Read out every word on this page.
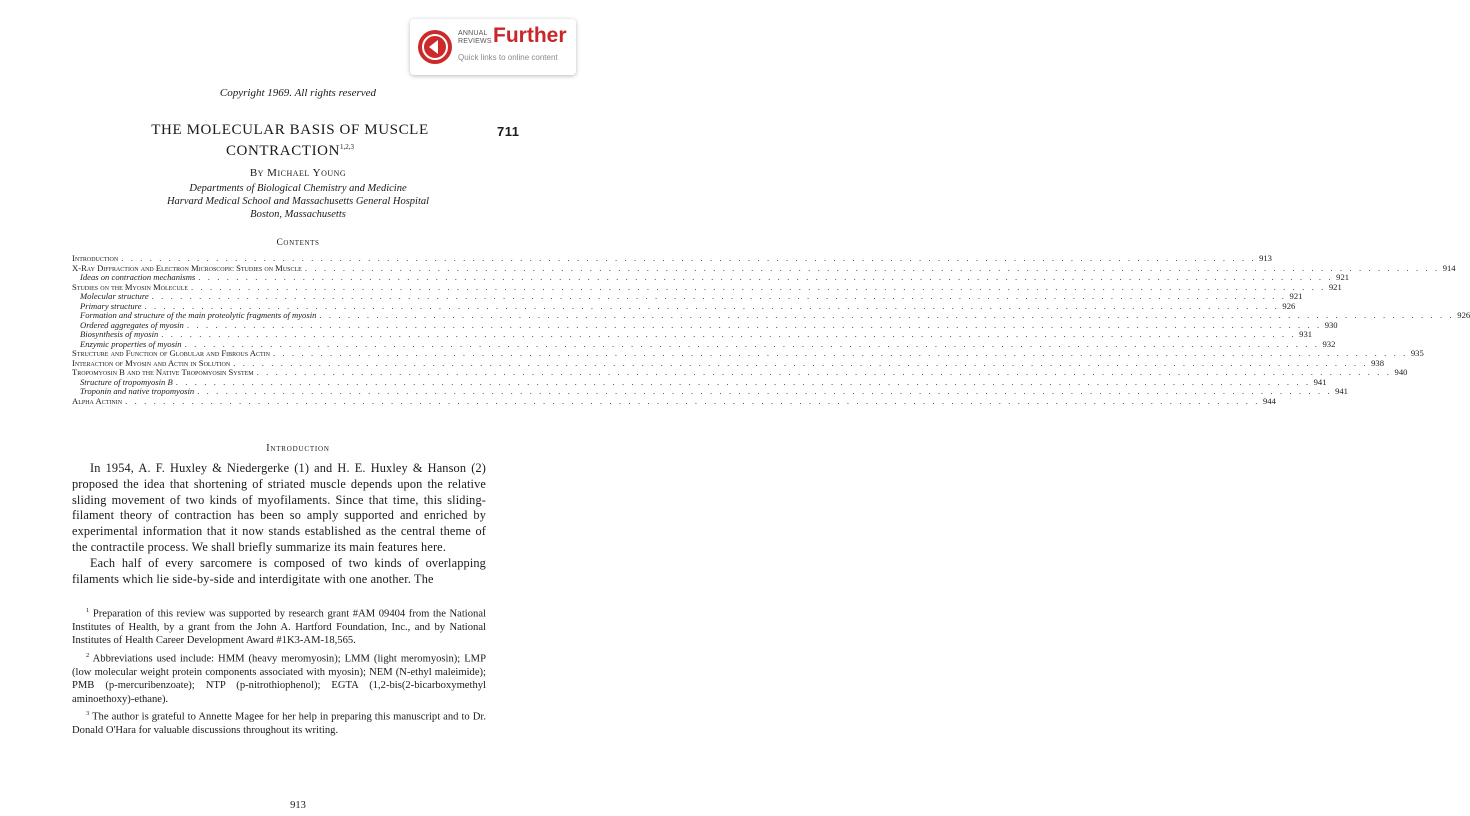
ANNUAL REVIEWS Further
Quick links to online content
Copyright 1969. All rights reserved
THE MOLECULAR BASIS OF MUSCLE
CONTRACTION$^{1,2,3}$
711
By Michael Young
Departments of Biological Chemistry and Medicine
Harvard Medical School and Massachusetts General Hospital
Boston, Massachusetts
Contents
Introduction . . . . . . . . . . . . . . . . . . . . . . . . . . . . . . . . . . . . . . . . . . . . . . . . . . . . . . . . . . . . . . . . . . . . . . . . . . . . . . . . . . . . . . . . . . . . . . . . . . . . . . . . . . . . . . . . . . . . . . . . 913
X-Ray Diffraction and Electron Microscopic Studies on Muscle . . . . . . . . . . . . . . . . . . . . . . . . . . . . . . . . . . . . . . . . . . . . . . . . . . . . . . . . . . . . . . . . . . . . . . . . . . . . . . . . . . . . . . . . . . . . . . . . . . . . . . . . . . . . . . . . . . . . . . . . 914
Ideas on contraction mechanisms . . . . . . . . . . . . . . . . . . . . . . . . . . . . . . . . . . . . . . . . . . . . . . . . . . . . . . . . . . . . . . . . . . . . . . . . . . . . . . . . . . . . . . . . . . . . . . . . . . . . . . . . . . . . . . . . . . . . . . . . 921
Studies on the Myosin Molecule . . . . . . . . . . . . . . . . . . . . . . . . . . . . . . . . . . . . . . . . . . . . . . . . . . . . . . . . . . . . . . . . . . . . . . . . . . . . . . . . . . . . . . . . . . . . . . . . . . . . . . . . . . . . . . . . . . . . . . . . 921
Molecular structure . . . . . . . . . . . . . . . . . . . . . . . . . . . . . . . . . . . . . . . . . . . . . . . . . . . . . . . . . . . . . . . . . . . . . . . . . . . . . . . . . . . . . . . . . . . . . . . . . . . . . . . . . . . . . . . . . . . . . . . . 921
Primary structure . . . . . . . . . . . . . . . . . . . . . . . . . . . . . . . . . . . . . . . . . . . . . . . . . . . . . . . . . . . . . . . . . . . . . . . . . . . . . . . . . . . . . . . . . . . . . . . . . . . . . . . . . . . . . . . . . . . . . . . . 926
Formation and structure of the main proteolytic fragments of myosin . . . . . . . . . . . . . . . . . . . . . . . . . . . . . . . . . . . . . . . . . . . . . . . . . . . . . . . . . . . . . . . . . . . . . . . . . . . . . . . . . . . . . . . . . . . . . . . . . . . . . . . . . . . . . . . . . . . . . . . . 926
Ordered aggregates of myosin . . . . . . . . . . . . . . . . . . . . . . . . . . . . . . . . . . . . . . . . . . . . . . . . . . . . . . . . . . . . . . . . . . . . . . . . . . . . . . . . . . . . . . . . . . . . . . . . . . . . . . . . . . . . . . . . . . . . . . . . 930
Biosynthesis of myosin . . . . . . . . . . . . . . . . . . . . . . . . . . . . . . . . . . . . . . . . . . . . . . . . . . . . . . . . . . . . . . . . . . . . . . . . . . . . . . . . . . . . . . . . . . . . . . . . . . . . . . . . . . . . . . . . . . . . . . . . 931
Enzymic properties of myosin . . . . . . . . . . . . . . . . . . . . . . . . . . . . . . . . . . . . . . . . . . . . . . . . . . . . . . . . . . . . . . . . . . . . . . . . . . . . . . . . . . . . . . . . . . . . . . . . . . . . . . . . . . . . . . . . . . . . . . . . 932
Structure and Function of Globular and Fibrous Actin . . . . . . . . . . . . . . . . . . . . . . . . . . . . . . . . . . . . . . . . . . . . . . . . . . . . . . . . . . . . . . . . . . . . . . . . . . . . . . . . . . . . . . . . . . . . . . . . . . . . . . . . . . . . . . . . . . . . . . . . 935
Interaction of Myosin and Actin in Solution . . . . . . . . . . . . . . . . . . . . . . . . . . . . . . . . . . . . . . . . . . . . . . . . . . . . . . . . . . . . . . . . . . . . . . . . . . . . . . . . . . . . . . . . . . . . . . . . . . . . . . . . . . . . . . . . . . . . . . . . 938
Tropomyosin B and the Native Tropomyosin System . . . . . . . . . . . . . . . . . . . . . . . . . . . . . . . . . . . . . . . . . . . . . . . . . . . . . . . . . . . . . . . . . . . . . . . . . . . . . . . . . . . . . . . . . . . . . . . . . . . . . . . . . . . . . . . . . . . . . . . . 940
Structure of tropomyosin B . . . . . . . . . . . . . . . . . . . . . . . . . . . . . . . . . . . . . . . . . . . . . . . . . . . . . . . . . . . . . . . . . . . . . . . . . . . . . . . . . . . . . . . . . . . . . . . . . . . . . . . . . . . . . . . . . . . . . . . . 941
Troponin and native tropomyosin . . . . . . . . . . . . . . . . . . . . . . . . . . . . . . . . . . . . . . . . . . . . . . . . . . . . . . . . . . . . . . . . . . . . . . . . . . . . . . . . . . . . . . . . . . . . . . . . . . . . . . . . . . . . . . . . . . . . . . . . 941
Alpha Actinin . . . . . . . . . . . . . . . . . . . . . . . . . . . . . . . . . . . . . . . . . . . . . . . . . . . . . . . . . . . . . . . . . . . . . . . . . . . . . . . . . . . . . . . . . . . . . . . . . . . . . . . . . . . . . . . . . . . . . . . . 944
Introduction

In 1954, A. F. Huxley & Niedergerke (1) and H. E. Huxley & Hanson (2) proposed the idea that shortening of striated muscle depends upon the relative sliding movement of two kinds of myofilaments. Since that time, this sliding-filament theory of contraction has been so amply supported and enriched by experimental information that it now stands established as the central theme of the contractile process. We shall briefly summarize its main features here.

Each half of every sarcomere is composed of two kinds of overlapping filaments which lie side-by-side and interdigitate with one another. The

$^1$ Preparation of this review was supported by research grant #AM 09404 from the National Institutes of Health, by a grant from the John A. Hartford Foundation, Inc., and by National Institutes of Health Career Development Award #1K3-AM-18,565.

$^2$ Abbreviations used include: HMM (heavy meromyosin); LMM (light meromyosin); LMP (low molecular weight protein components associated with myosin); NEM (N-ethyl maleimide); PMB (p-mercuribenzoate); NTP (p-nitrothiophenol); EGTA (1,2-bis(2-bicarboxymethyl aminoethoxy)-ethane).

$^3$ The author is grateful to Annette Magee for her help in preparing this manuscript and to Dr. Donald O'Hara for valuable discussions throughout its writing.

913
